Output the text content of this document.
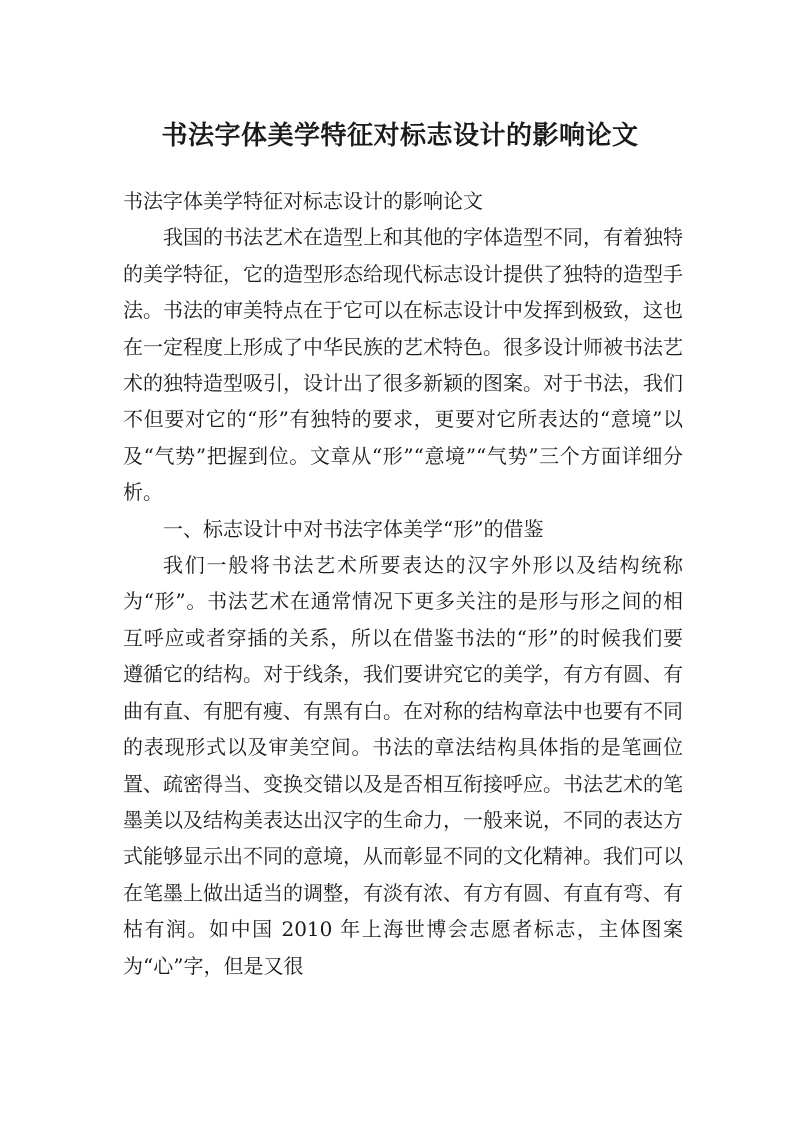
书法字体美学特征对标志设计的影响论文

书法字体美学特征对标志设计的影响论文

我国的书法艺术在造型上和其他的字体造型不同，有着独特的美学特征，它的造型形态给现代标志设计提供了独特的造型手法。书法的审美特点在于它可以在标志设计中发挥到极致，这也在一定程度上形成了中华民族的艺术特色。很多设计师被书法艺术的独特造型吸引，设计出了很多新颖的图案。对于书法，我们不但要对它的“形”有独特的要求，更要对它所表达的“意境”以及“气势”把握到位。文章从“形”“意境”“气势”三个方面详细分析。

一、标志设计中对书法字体美学“形”的借鉴

我们一般将书法艺术所要表达的汉字外形以及结构统称为“形”。书法艺术在通常情况下更多关注的是形与形之间的相互呼应或者穿插的关系，所以在借鉴书法的“形”的时候我们要遵循它的结构。对于线条，我们要讲究它的美学，有方有圆、有曲有直、有肥有瘦、有黑有白。在对称的结构章法中也要有不同的表现形式以及审美空间。书法的章法结构具体指的是笔画位置、疏密得当、变换交错以及是否相互衔接呼应。书法艺术的笔墨美以及结构美表达出汉字的生命力，一般来说，不同的表达方式能够显示出不同的意境，从而彰显不同的文化精神。我们可以在笔墨上做出适当的调整，有淡有浓、有方有圆、有直有弯、有枯有润。如中国 2010 年上海世博会志愿者标志，主体图案为“心”字，但是又很
